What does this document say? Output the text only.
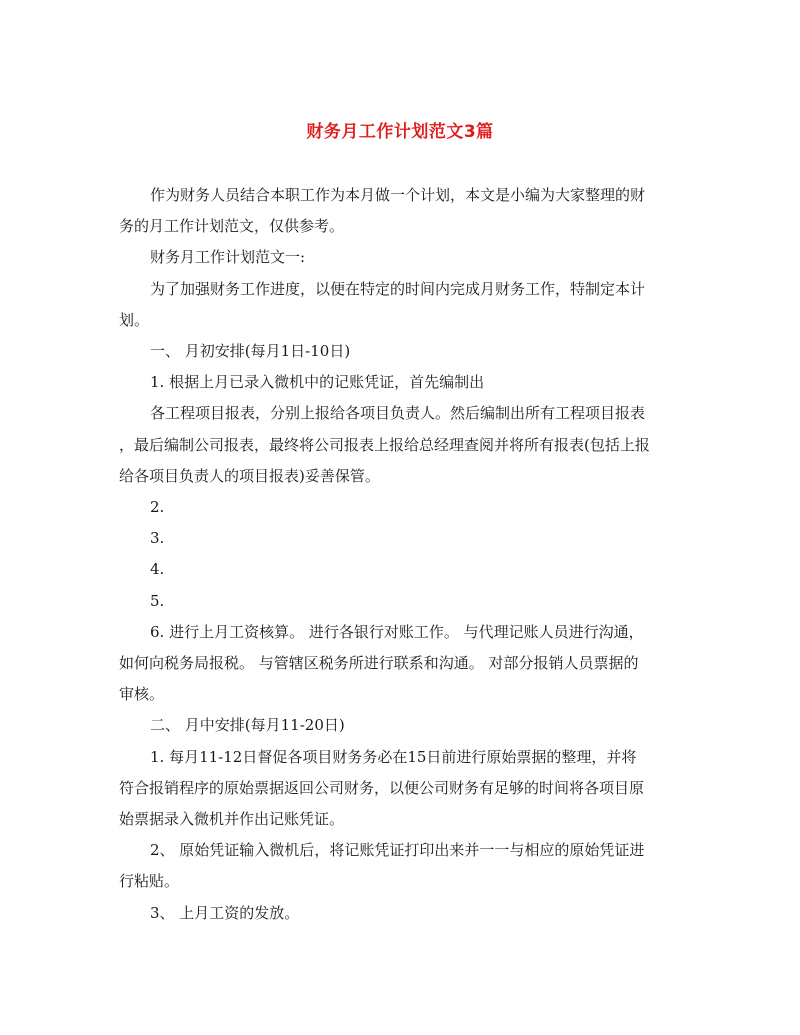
财务月工作计划范文3篇
作为财务人员结合本职工作为本月做一个计划，本文是小编为大家整理的财
务的月工作计划范文，仅供参考。
财务月工作计划范文一:
为了加强财务工作进度，以便在特定的时间内完成月财务工作，特制定本计
划。
一、 月初安排(每月1日-10日)
1. 根据上月已录入微机中的记账凭证，首先编制出
各工程项目报表，分别上报给各项目负责人。然后编制出所有工程项目报表
，最后编制公司报表，最终将公司报表上报给总经理查阅并将所有报表(包括上报
给各项目负责人的项目报表)妥善保管。
2.
3.
4.
5.
6. 进行上月工资核算。 进行各银行对账工作。 与代理记账人员进行沟通，
如何向税务局报税。 与管辖区税务所进行联系和沟通。 对部分报销人员票据的
审核。
二、 月中安排(每月11-20日)
1. 每月11-12日督促各项目财务务必在15日前进行原始票据的整理，并将
符合报销程序的原始票据返回公司财务，以便公司财务有足够的时间将各项目原
始票据录入微机并作出记账凭证。
2、 原始凭证输入微机后，将记账凭证打印出来并一一与相应的原始凭证进
行粘贴。
3、 上月工资的发放。
